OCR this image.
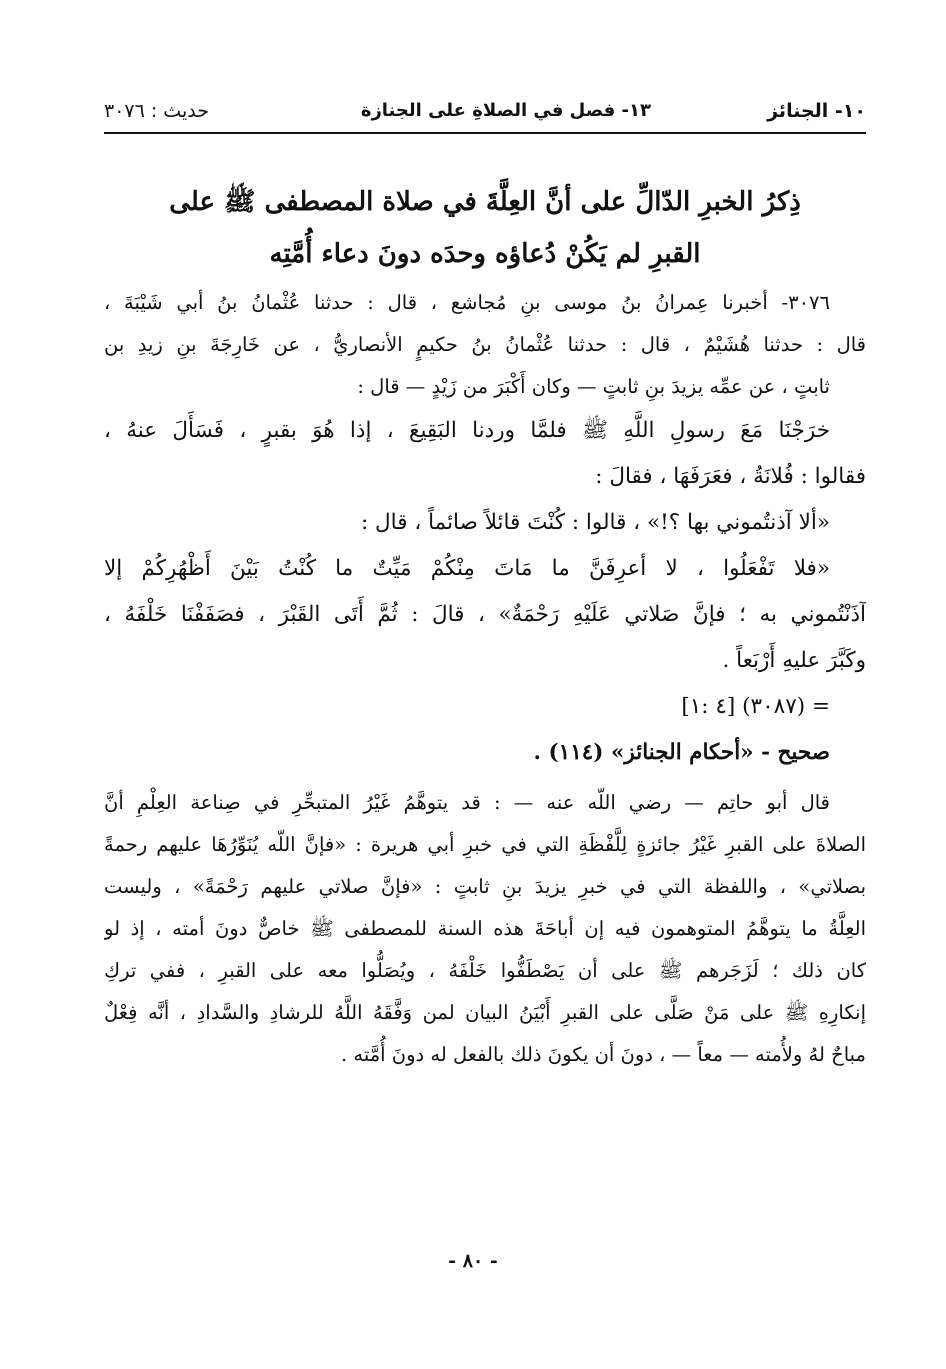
١٠- الجنائز
١٣- فصل في الصلاةِ على الجنازة
حديث : ٣٠٧٦
ذِكرُ الخبرِ الدّالِّ على أنَّ العِلَّةَ في صلاة المصطفى ﷺ على
القبرِ لم يَكُنْ دُعاؤه وحدَه دونَ دعاء أُمَّتِه
٣٠٧٦- أخبرنا عِمرانُ بنُ موسى بنِ مُجاشع ، قال : حدثنا عُثْمانُ بنُ أبي شَيْبَةَ ،
قال : حدثنا هُشَيْمٌ ، قال : حدثنا عُثْمانُ بنُ حكيمٍ الأنصاريُّ ، عن خَارِجَةَ بنِ زيدِ بن
ثابتٍ ، عن عمِّه يزيدَ بنِ ثابتٍ — وكان أَكْبَرَ من زَيْدٍ — قال :
خرَجْنَا مَعَ رسولِ اللَّهِ ﷺ فلمَّا وردنا البَقِيعَ ، إذا هُوَ بقبرٍ ، فَسَأَلَ عنهُ ،
فقالوا : فُلانَةُ ، فعَرَفَهَا ، فقالَ :
«ألا آذنتُموني بها ؟!» ، قالوا : كُنْتَ قائلاً صائماً ، قال :
«فلا تَفْعَلُوا ، لا أعرِفَنَّ ما مَاتَ مِنْكُمْ مَيِّتٌ ما كُنْتُ بَيْنَ أَظْهُرِكُمْ إلا
آذَنْتُموني به ؛ فإنَّ صَلاتي عَلَيْهِ رَحْمَةٌ» ، قالَ : ثُمَّ أَتَى القَبْرَ ، فصَفَفْنَا خَلْفَهُ ،
وكَبَّرَ عليهِ أَرْبَعاً .
= (٣٠٨٧) [٤ :١]
صحيح - «أحكام الجنائز» (١١٤) .
قال أبو حاتِم — رضي اللّه عنه — : قد يتوهَّمُ غَيْرُ المتبحِّرِ في صِناعة العِلْمِ أنَّ
الصلاةَ على القبرِ غَيْرُ جائزةٍ لِلَّفْظَةِ التي في خبرِ أبي هريرة : «فإنَّ اللّه يُنَوِّرُهَا عليهم رحمةً
بصلاتي» ، واللفظة التي في خبرِ يزيدَ بنِ ثابتٍ : «فإنَّ صلاتي عليهم رَحْمَةً» ، وليست
العِلَّةُ ما يتوهَّمُ المتوهمون فيه إن أباحَةَ هذه السنة للمصطفى ﷺ خاصٌّ دونَ أمته ، إذ لو
كان ذلك ؛ لَزَجَرهم ﷺ على أن يَصْطَفُّوا خَلْفَهُ ، ويُصَلُّوا معه على القبرِ ، ففي تركِ
إنكارِهِ ﷺ على مَنْ صَلَّى على القبرِ أَبْيَنُ البيان لمن وَفَّقَهُ اللَّهُ للرشادِ والسَّدادِ ، أنَّه فِعْلٌ
مباحٌ لهُ ولأُمته — معاً — ، دونَ أن يكونَ ذلك بالفعل له دونَ أُمَّته .
- ٨٠ -
